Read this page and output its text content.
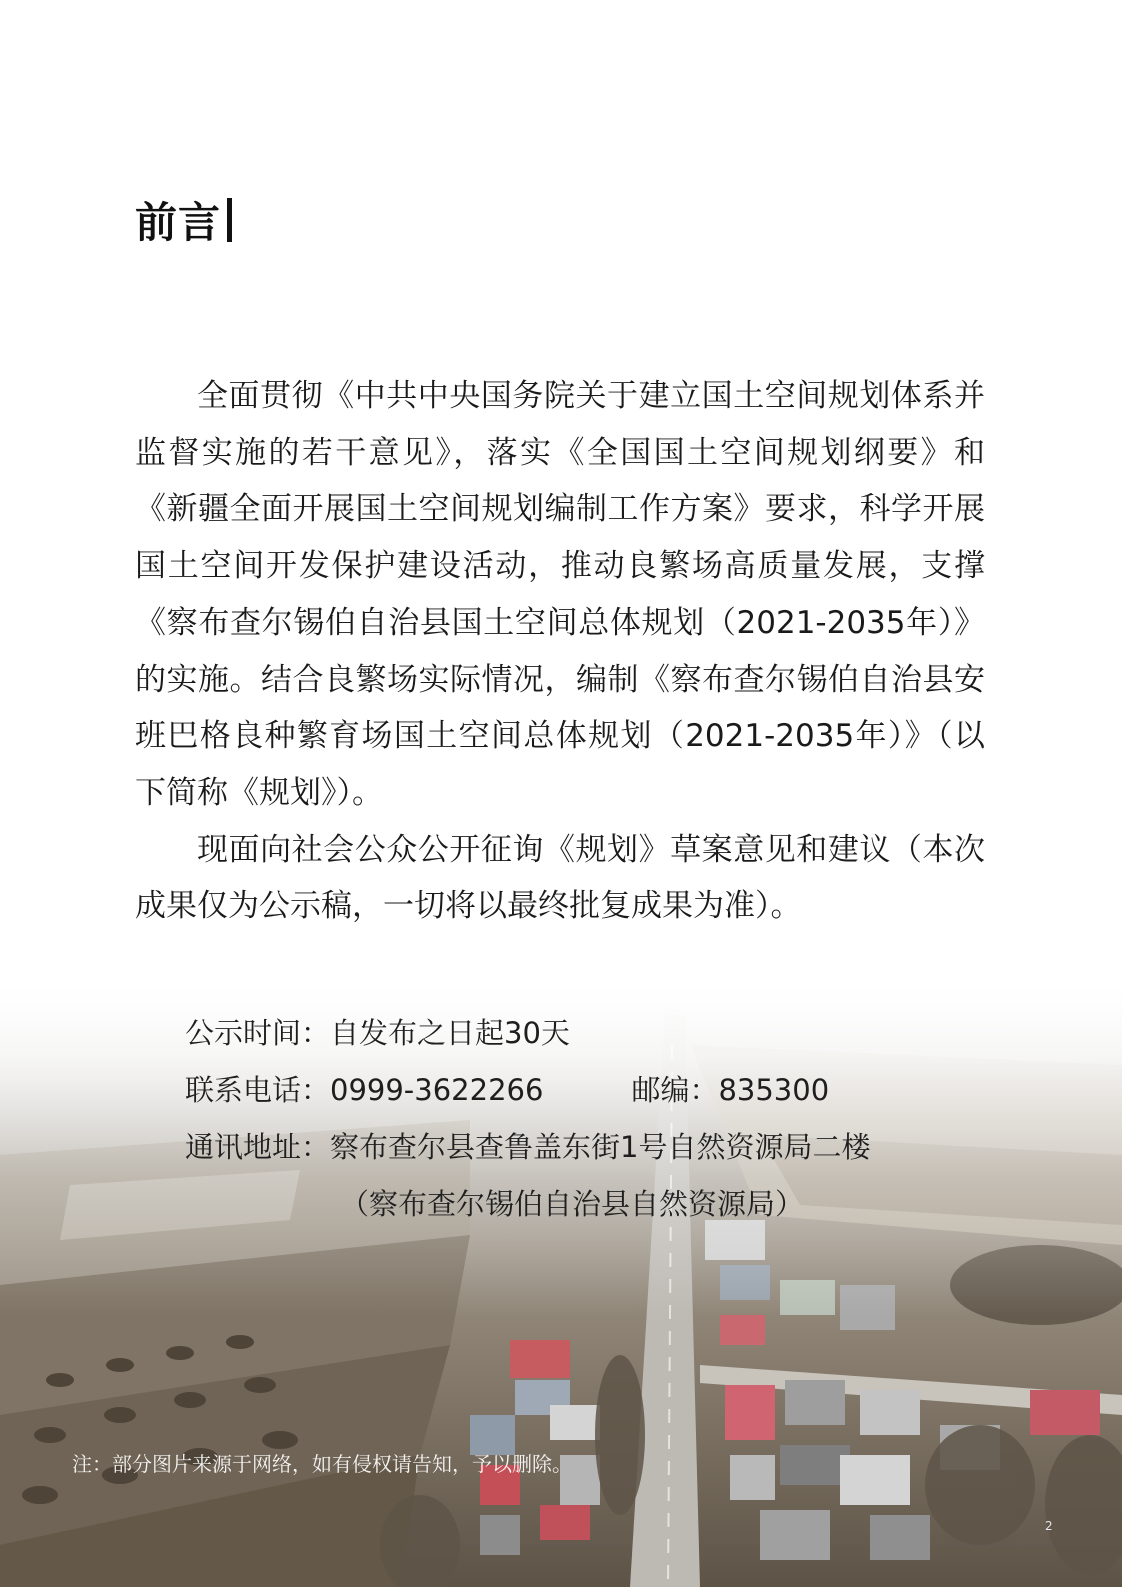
前言

全面贯彻《中共中央国务院关于建立国土空间规划体系并监督实施的若干意见》，落实《全国国土空间规划纲要》和《新疆全面开展国土空间规划编制工作方案》要求，科学开展国土空间开发保护建设活动，推动良繁场高质量发展，支撑《察布查尔锡伯自治县国土空间总体规划（2021-2035年）》的实施。结合良繁场实际情况，编制《察布查尔锡伯自治县安班巴格良种繁育场国土空间总体规划（2021-2035年）》（以下简称《规划》）。

现面向社会公众公开征询《规划》草案意见和建议（本次成果仅为公示稿，一切将以最终批复成果为准）。

公示时间：自发布之日起30天
联系电话：0999-3622266	邮编：835300
通讯地址：察布查尔县查鲁盖东街1号自然资源局二楼
（察布查尔锡伯自治县自然资源局）
注：部分图片来源于网络，如有侵权请告知，予以删除。
2
